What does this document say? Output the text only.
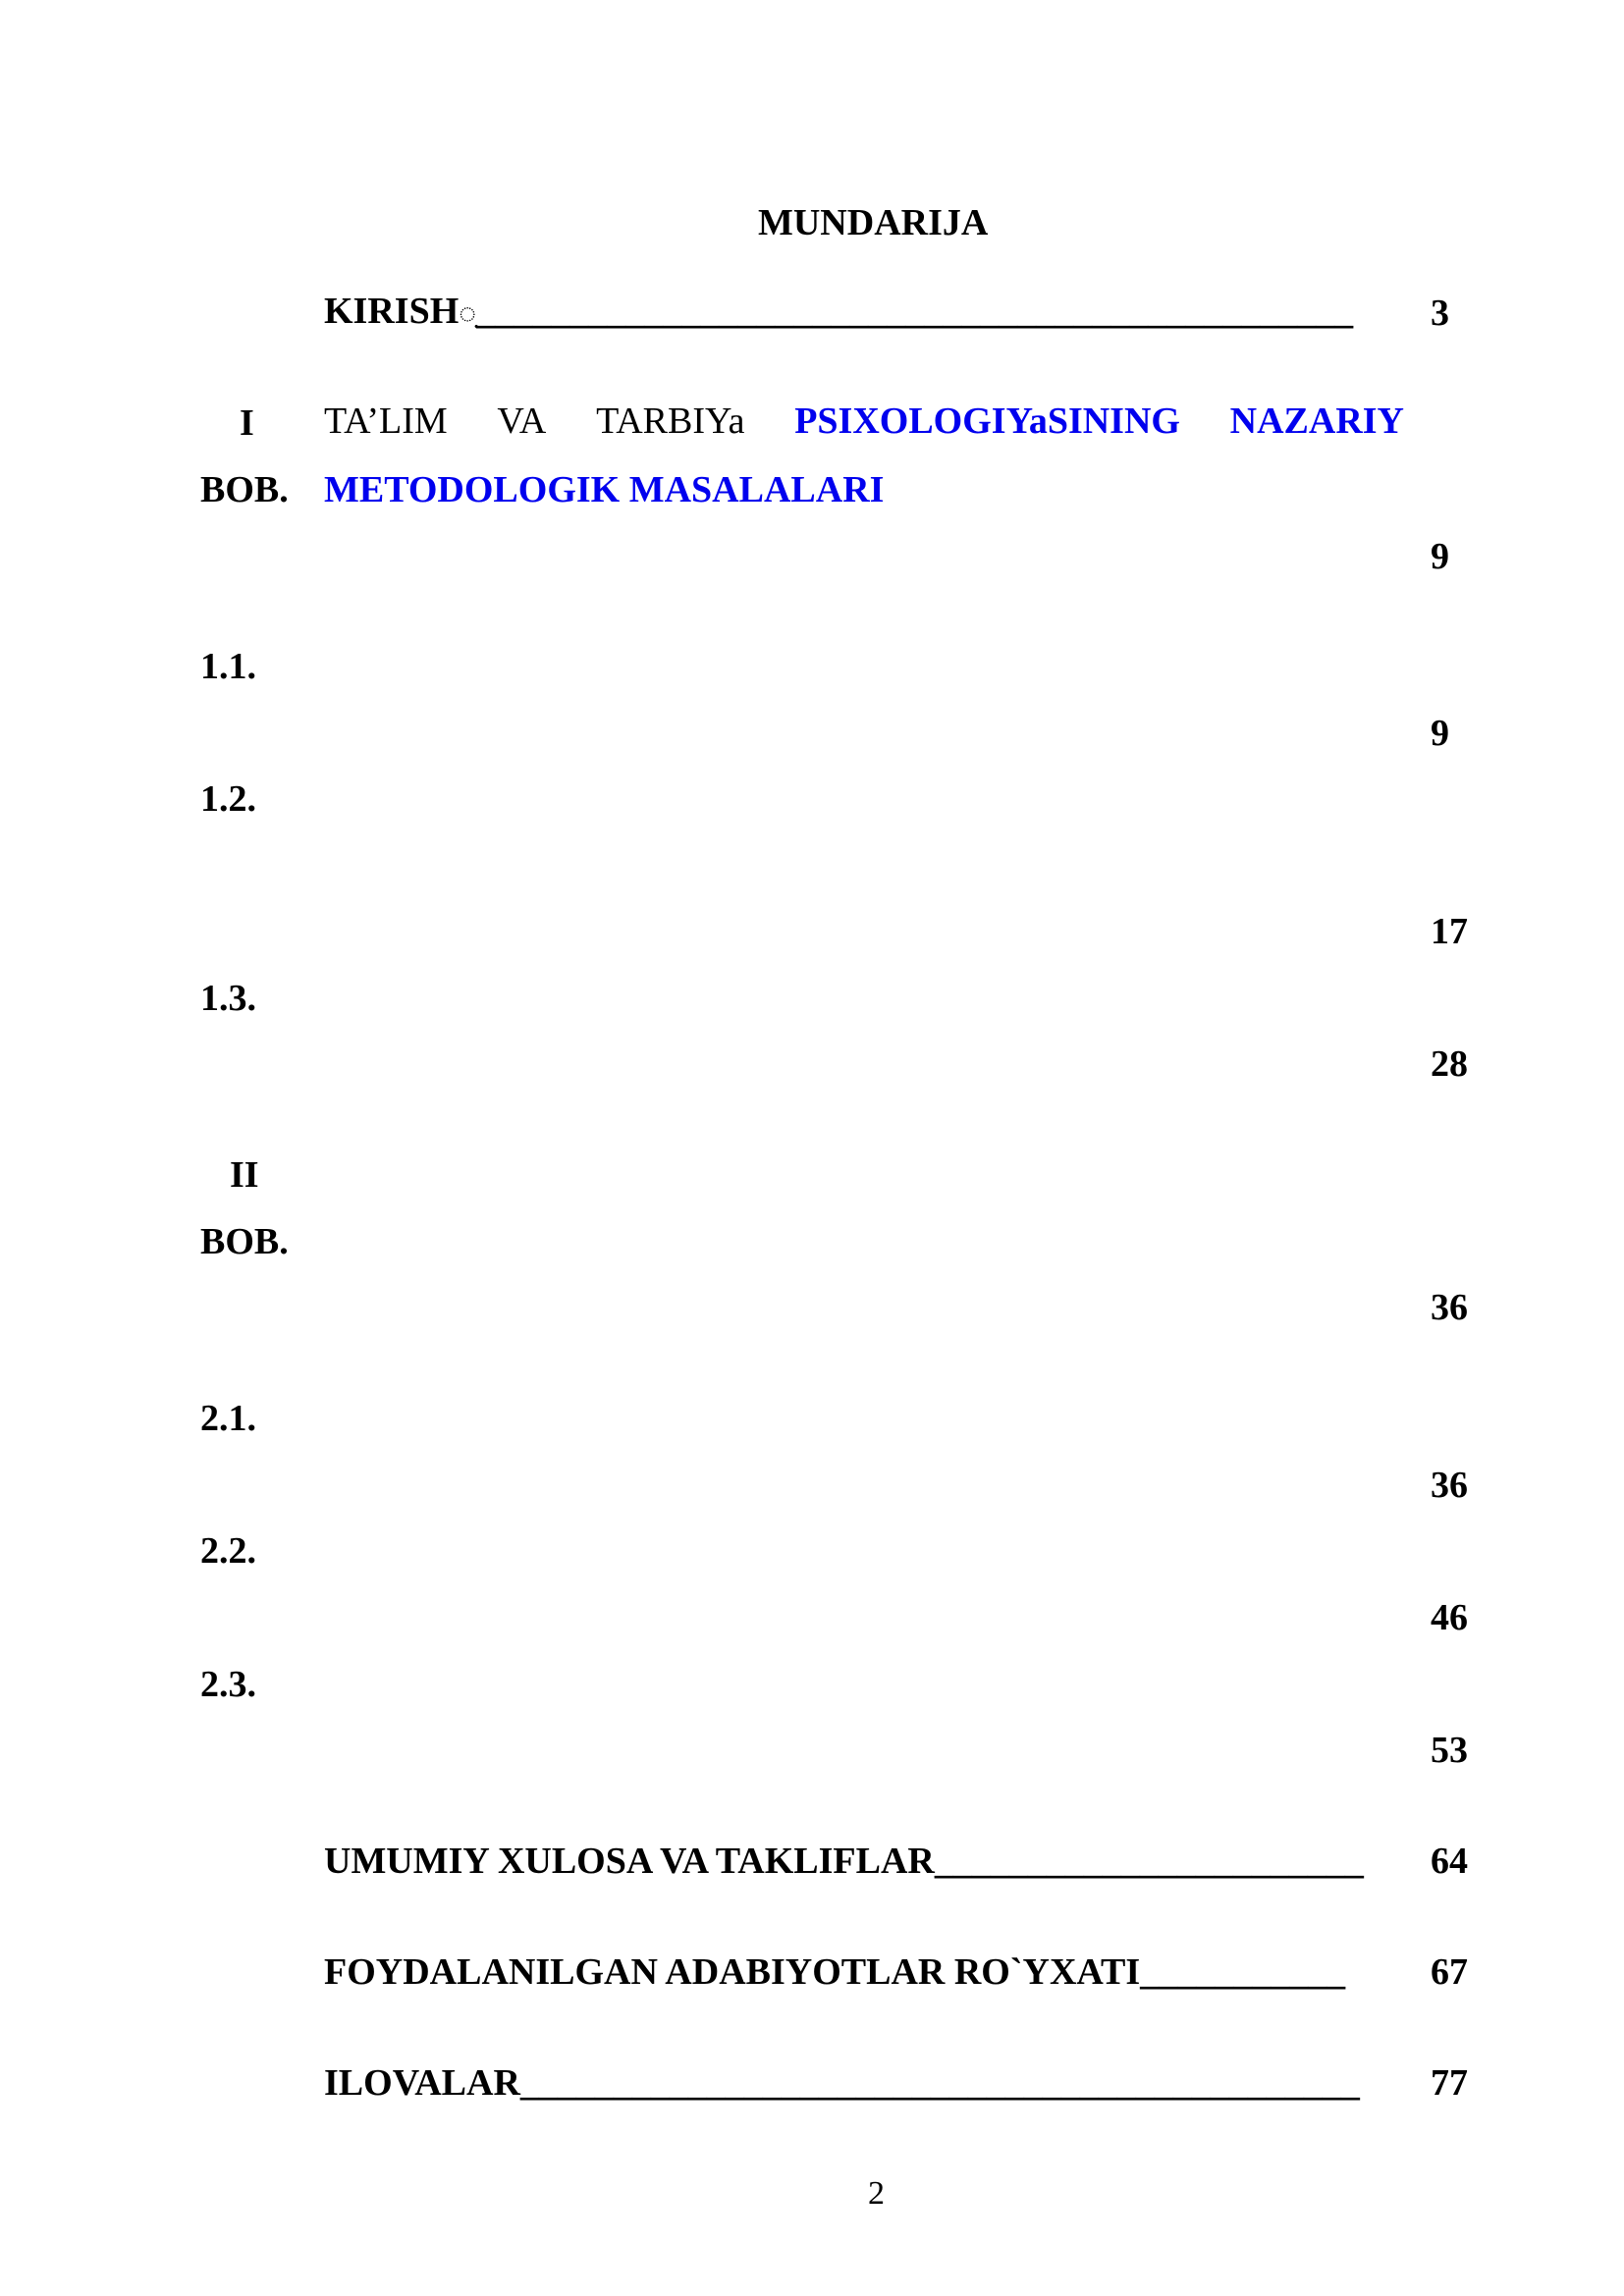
MUNDARIJA
KIRISH◌̣_______________________________________________ 3
I
BOB.
TA’LIM VA TARBIYa PSIXOLOGIYaSINING NAZARIY
METODOLOGIK MASALALARI
9
1.1.
9
1.2.
17
1.3.
28
II
BOB.
36
2.1.
36
2.2.
46
2.3.
53
UMUMIY XULOSA VA TAKLIFLAR_______________________ 64
FOYDALANILGAN ADABIYOTLAR RO`YXATI___________ 67
ILOVALAR_____________________________________________ 77
2
